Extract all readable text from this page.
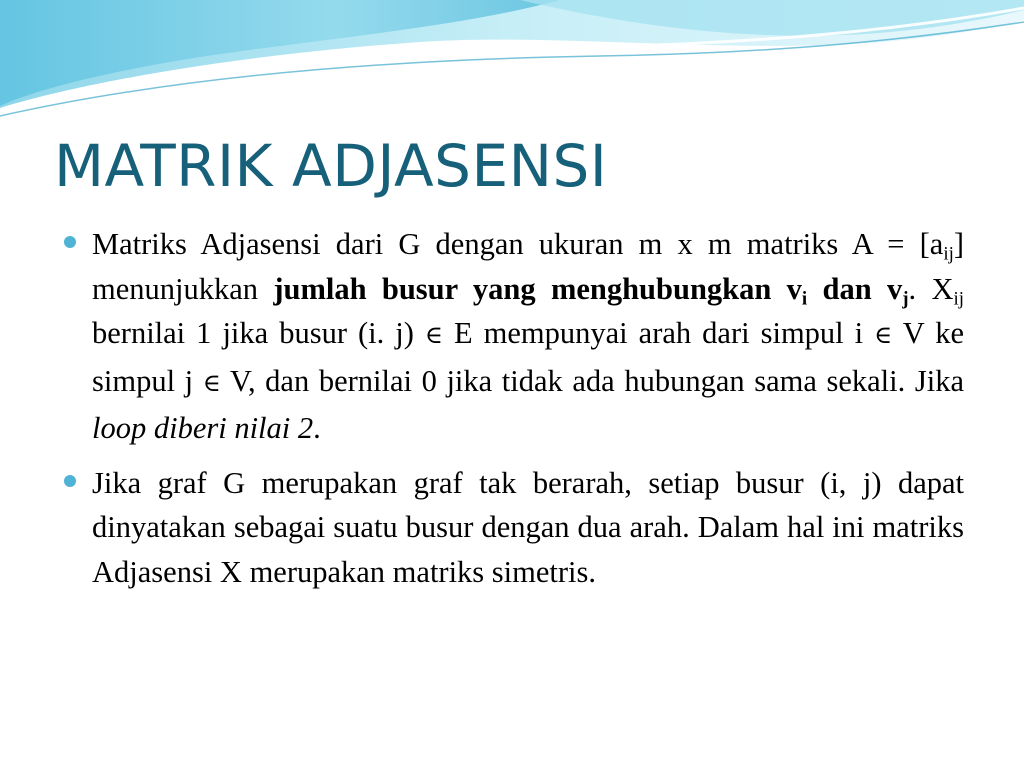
MATRIK ADJASENSI
Matriks Adjasensi dari G dengan ukuran m x m matriks $A = [a_{ij}]$ menunjukkan jumlah busur yang menghubungkan $v_i$ dan $v_j$. $X_{ij}$ bernilai 1 jika busur (i. j) ∈ E mempunyai arah dari simpul i ∈ V ke simpul j ∈ V, dan bernilai 0 jika tidak ada hubungan sama sekali. Jika loop diberi nilai 2.
Jika graf G merupakan graf tak berarah, setiap busur (i, j) dapat dinyatakan sebagai suatu busur dengan dua arah. Dalam hal ini matriks Adjasensi X merupakan matriks simetris.
